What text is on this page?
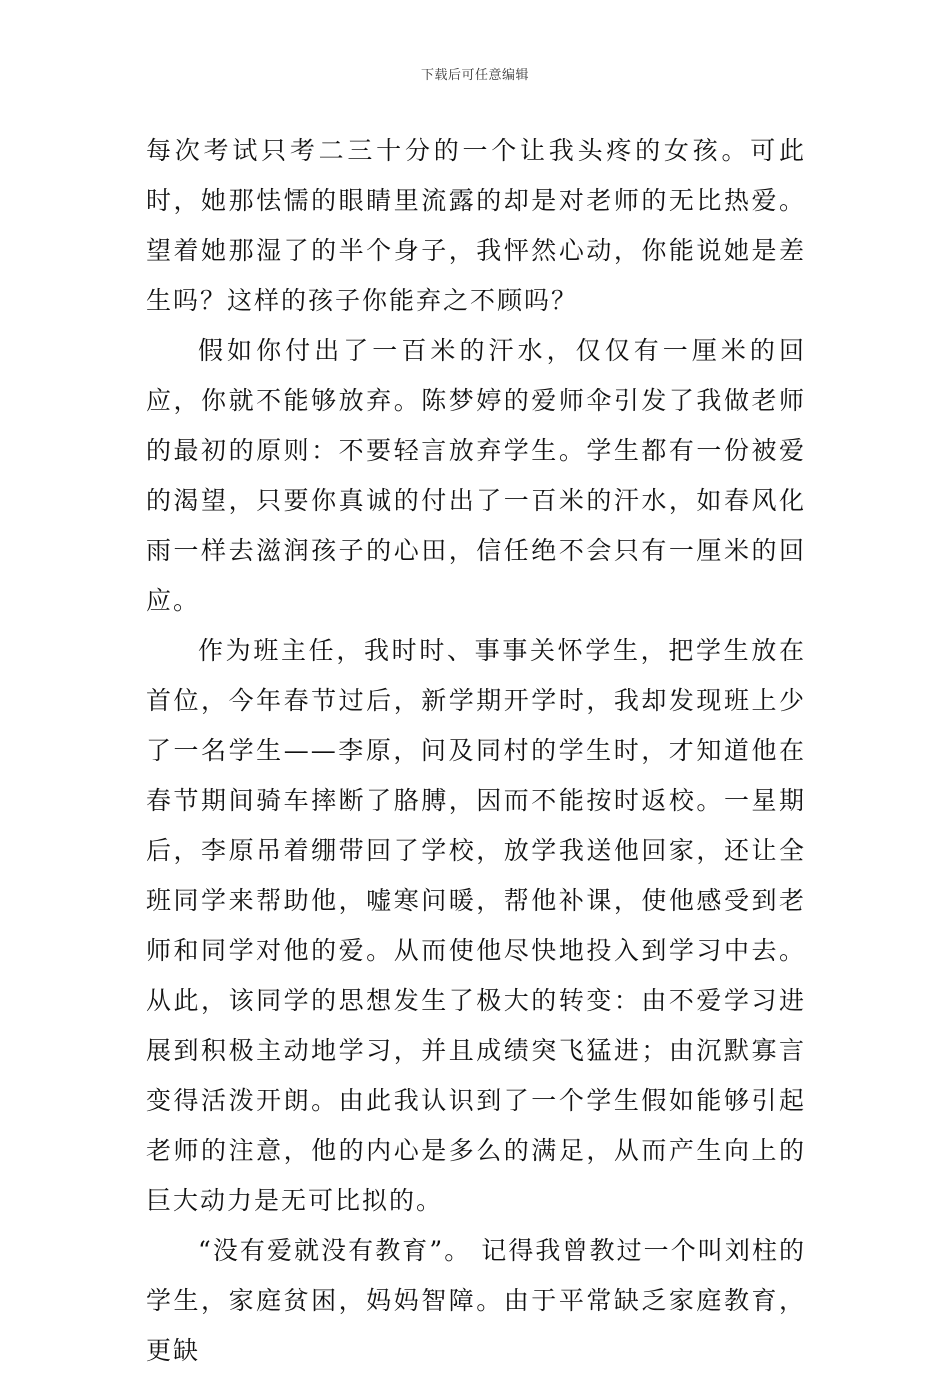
下载后可任意编辑

每次考试只考二三十分的一个让我头疼的女孩。可此时，她那怯懦的眼睛里流露的却是对老师的无比热爱。望着她那湿了的半个身子，我怦然心动，你能说她是差生吗？这样的孩子你能弃之不顾吗？

假如你付出了一百米的汗水，仅仅有一厘米的回应，你就不能够放弃。陈梦婷的爱师伞引发了我做老师的最初的原则：不要轻言放弃学生。学生都有一份被爱的渴望，只要你真诚的付出了一百米的汗水，如春风化雨一样去滋润孩子的心田，信任绝不会只有一厘米的回应。

作为班主任，我时时、事事关怀学生，把学生放在首位，今年春节过后，新学期开学时，我却发现班上少了一名学生——李原，问及同村的学生时，才知道他在春节期间骑车摔断了胳膊，因而不能按时返校。一星期后，李原吊着绷带回了学校，放学我送他回家，还让全班同学来帮助他，嘘寒问暖，帮他补课，使他感受到老师和同学对他的爱。从而使他尽快地投入到学习中去。从此，该同学的思想发生了极大的转变：由不爱学习进展到积极主动地学习，并且成绩突飞猛进；由沉默寡言变得活泼开朗。由此我认识到了一个学生假如能够引起老师的注意，他的内心是多么的满足，从而产生向上的巨大动力是无可比拟的。

“没有爱就没有教育”。 记得我曾教过一个叫刘柱的学生，家庭贫困，妈妈智障。由于平常缺乏家庭教育，更缺
